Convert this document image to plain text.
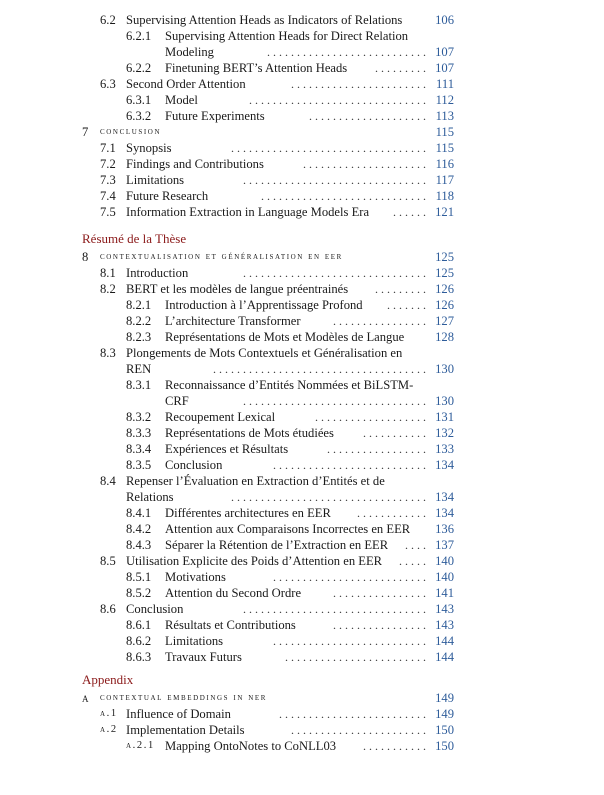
6.2 Supervising Attention Heads as Indicators of Relations	106
6.2.1 Supervising Attention Heads for Direct Relation
Modeling	107
. . . . . . . . . . . . . . . . . . . . . . . . . . .
6.2.2 Finetuning BERT’s Attention Heads	107
. . . . . . . . .
6.3 Second Order Attention	111
. . . . . . . . . . . . . . . . . . . . . . .
6.3.1 Model	112
. . . . . . . . . . . . . . . . . . . . . . . . . . . . . .
6.3.2 Future Experiments	113
. . . . . . . . . . . . . . . . . . . .
7 conclusion	115
7.1 Synopsis	115
. . . . . . . . . . . . . . . . . . . . . . . . . . . . . . . . .
7.2 Findings and Contributions	116
. . . . . . . . . . . . . . . . . . . . .
7.3 Limitations	117
. . . . . . . . . . . . . . . . . . . . . . . . . . . . . . .
7.4 Future Research	118
. . . . . . . . . . . . . . . . . . . . . . . . . . . .
7.5 Information Extraction in Language Models Era	121
. . . . . .
Résumé de la Thèse
8 contextualisation et généralisation en eer	125
8.1 Introduction	125
. . . . . . . . . . . . . . . . . . . . . . . . . . . . . . .
8.2 BERT et les modèles de langue préentrainés	126
. . . . . . . . .
8.2.1 Introduction à l’Apprentissage Profond	126
. . . . . . .
8.2.2 L’architecture Transformer	127
. . . . . . . . . . . . . . . .
8.2.3 Représentations de Mots et Modèles de Langue 128
8.3 Plongements de Mots Contextuels et Généralisation en
REN	130
. . . . . . . . . . . . . . . . . . . . . . . . . . . . . . . . . . . .
8.3.1 Reconnaissance d’Entités Nommées et BiLSTM-
CRF	130
. . . . . . . . . . . . . . . . . . . . . . . . . . . . . . .
8.3.2 Recoupement Lexical	131
. . . . . . . . . . . . . . . . . . .
8.3.3 Représentations de Mots étudiées	132
. . . . . . . . . . .
8.3.4 Expériences et Résultats	133
. . . . . . . . . . . . . . . . .
8.3.5 Conclusion	134
. . . . . . . . . . . . . . . . . . . . . . . . . .
8.4 Repenser l’Évaluation en Extraction d’Entités et de
Relations	134
. . . . . . . . . . . . . . . . . . . . . . . . . . . . . . . . .
8.4.1 Différentes architectures en EER	134
. . . . . . . . . . . .
8.4.2 Attention aux Comparaisons Incorrectes en EER 136
8.4.3 Séparer la Rétention de l’Extraction en EER	137
. . . .
8.5 Utilisation Explicite des Poids d’Attention en EER	140
. . . . .
8.5.1 Motivations	140
. . . . . . . . . . . . . . . . . . . . . . . . . .
8.5.2 Attention du Second Ordre	141
. . . . . . . . . . . . . . . .
8.6 Conclusion	143
. . . . . . . . . . . . . . . . . . . . . . . . . . . . . . .
8.6.1 Résultats et Contributions	143
. . . . . . . . . . . . . . . .
8.6.2 Limitations	144
. . . . . . . . . . . . . . . . . . . . . . . . . .
8.6.3 Travaux Futurs	144
. . . . . . . . . . . . . . . . . . . . . . . .
Appendix
a contextual embeddings in ner	149
a.1 Influence of Domain	149
. . . . . . . . . . . . . . . . . . . . . . . . .
a.2 Implementation Details	150
. . . . . . . . . . . . . . . . . . . . . . .
a.2.1 Mapping OntoNotes to CoNLL03	150
. . . . . . . . . . .
